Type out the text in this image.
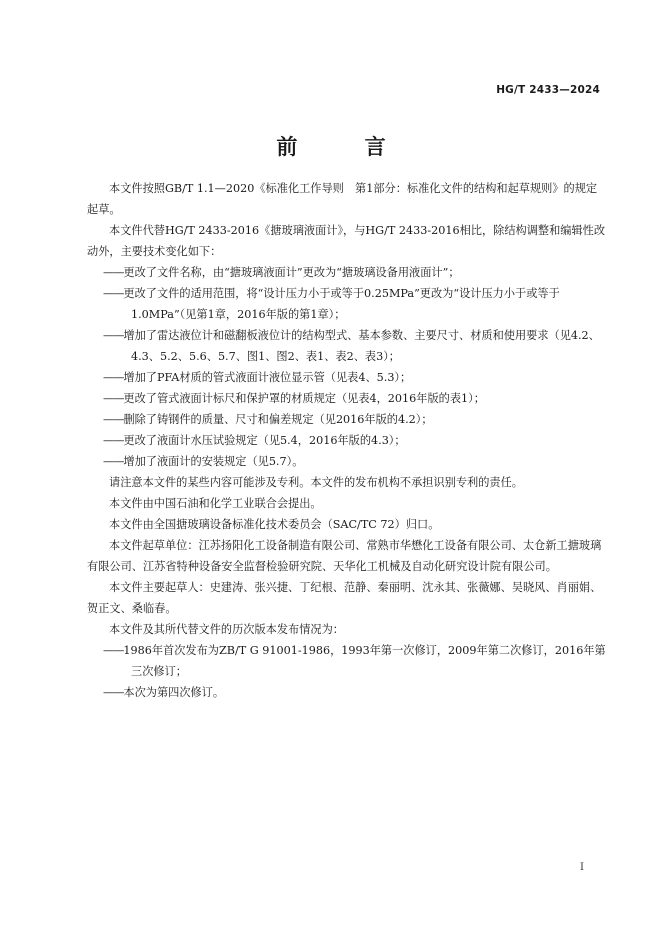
HG/T 2433—2024
前 言

本文件按照GB/T 1.1—2020《标准化工作导则　第1部分：标准化文件的结构和起草规则》的规定起草。

本文件代替HG/T 2433-2016《搪玻璃液面计》，与HG/T 2433-2016相比，除结构调整和编辑性改动外，主要技术变化如下：

——更改了文件名称，由“搪玻璃液面计”更改为“搪玻璃设备用液面计”；

——更改了文件的适用范围，将“设计压力小于或等于0.25MPa”更改为“设计压力小于或等于1.0MPa”（见第1章，2016年版的第1章）；

——增加了雷达液位计和磁翻板液位计的结构型式、基本参数、主要尺寸、材质和使用要求（见4.2、4.3、5.2、5.6、5.7、图1、图2、表1、表2、表3）；

——增加了PFA材质的管式液面计液位显示管（见表4、5.3）；

——更改了管式液面计标尺和保护罩的材质规定（见表4，2016年版的表1）；

——删除了铸钢件的质量、尺寸和偏差规定（见2016年版的4.2）；

——更改了液面计水压试验规定（见5.4，2016年版的4.3）；

——增加了液面计的安装规定（见5.7）。

请注意本文件的某些内容可能涉及专利。本文件的发布机构不承担识别专利的责任。

本文件由中国石油和化学工业联合会提出。

本文件由全国搪玻璃设备标准化技术委员会（SAC/TC 72）归口。

本文件起草单位：江苏扬阳化工设备制造有限公司、常熟市华懋化工设备有限公司、太仓新工搪玻璃有限公司、江苏省特种设备安全监督检验研究院、天华化工机械及自动化研究设计院有限公司。

本文件主要起草人：史建涛、张兴捷、丁纪根、范静、秦丽明、沈永其、张薇娜、吴晓风、肖丽娟、贺正文、桑临春。

本文件及其所代替文件的历次版本发布情况为：

——1986年首次发布为ZB/T G 91001-1986，1993年第一次修订，2009年第二次修订，2016年第三次修订；

——本次为第四次修订。

I
